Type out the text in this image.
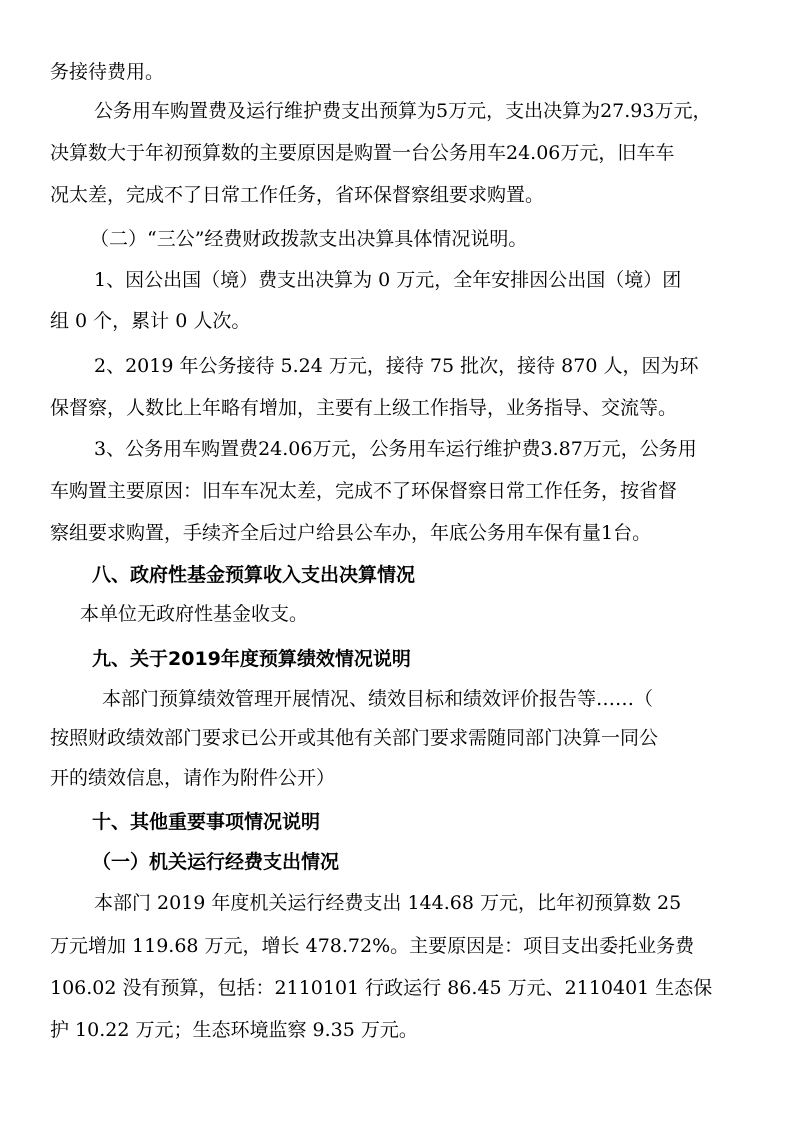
务接待费用。
公务用车购置费及运行维护费支出预算为5万元，支出决算为27.93万元，
决算数大于年初预算数的主要原因是购置一台公务用车24.06万元，旧车车
况太差，完成不了日常工作任务，省环保督察组要求购置。
（二）“三公”经费财政拨款支出决算具体情况说明。
1、因公出国（境）费支出决算为 0 万元，全年安排因公出国（境）团
组 0 个，累计 0 人次。
2、2019 年公务接待 5.24 万元，接待 75 批次，接待 870 人，因为环
保督察，人数比上年略有增加，主要有上级工作指导，业务指导、交流等。
3、公务用车购置费24.06万元，公务用车运行维护费3.87万元，公务用
车购置主要原因：旧车车况太差，完成不了环保督察日常工作任务，按省督
察组要求购置，手续齐全后过户给县公车办，年底公务用车保有量1台。
八、政府性基金预算收入支出决算情况
本单位无政府性基金收支。
九、关于2019年度预算绩效情况说明
本部门预算绩效管理开展情况、绩效目标和绩效评价报告等……（
按照财政绩效部门要求已公开或其他有关部门要求需随同部门决算一同公
开的绩效信息，请作为附件公开）
十、其他重要事项情况说明
（一）机关运行经费支出情况
本部门 2019 年度机关运行经费支出 144.68 万元，比年初预算数 25
万元增加 119.68 万元，增长 478.72%。主要原因是：项目支出委托业务费
106.02 没有预算，包括：2110101 行政运行 86.45 万元、2110401 生态保
护 10.22 万元；生态环境监察 9.35 万元。
